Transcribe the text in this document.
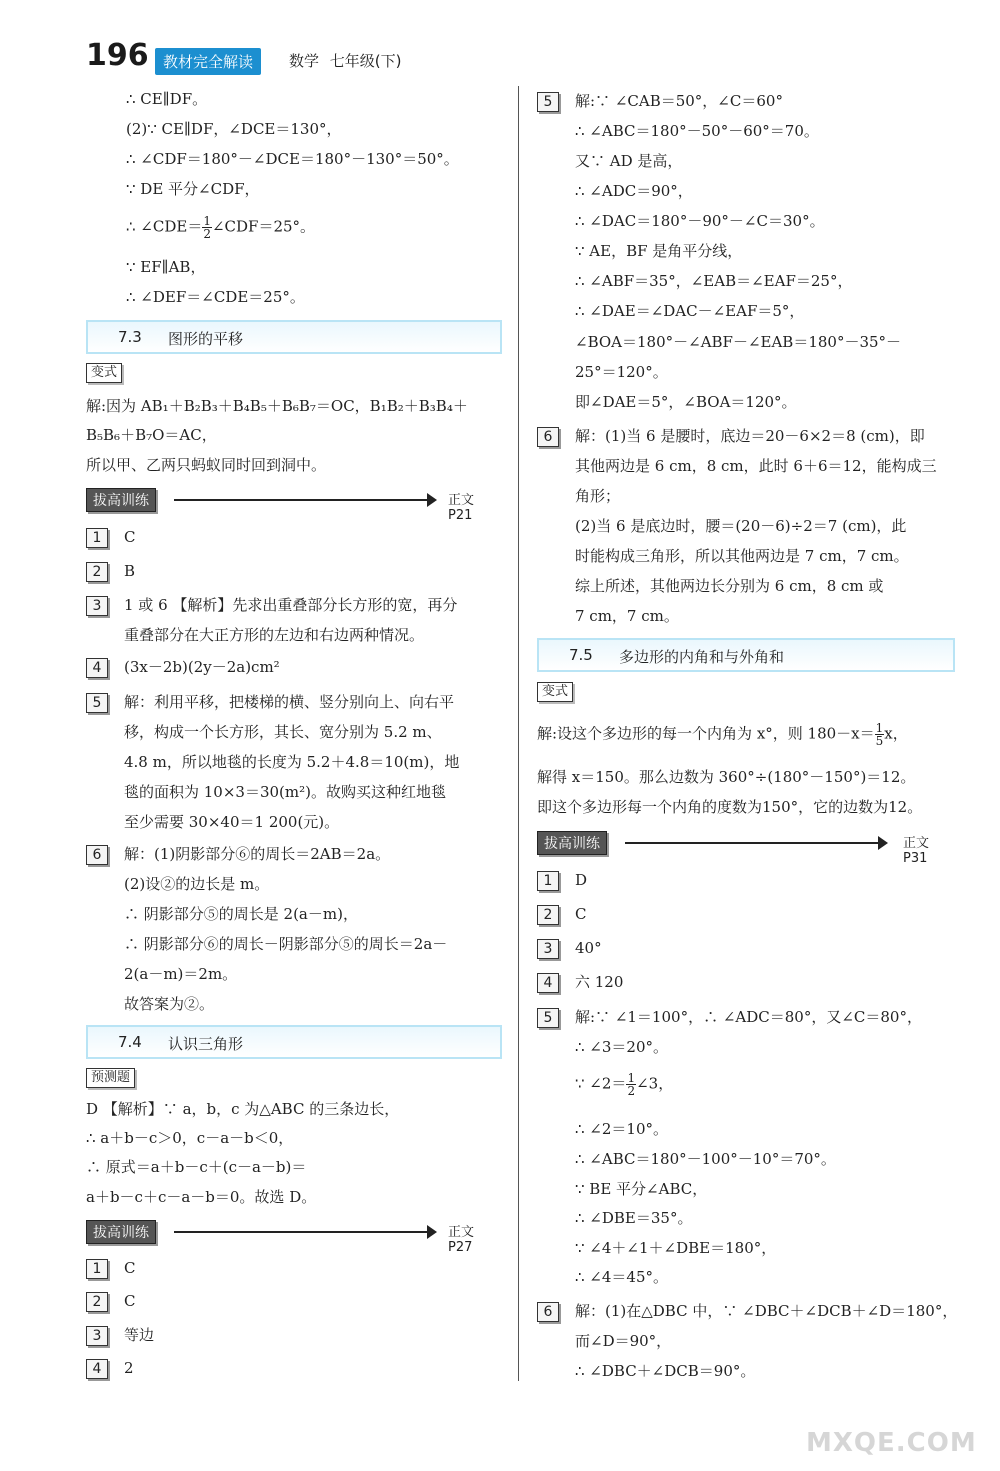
196 教材完全解读	数学 七年级(下)
∴ CE∥DF。
(2)∵ CE∥DF，∠DCE＝130°，
∴ ∠CDF＝180°－∠DCE＝180°－130°＝50°。
∵ DE 平分∠CDF，
∴ ∠CDE＝ $\frac{1}{2}$ ∠CDF＝25°。
∵ EF∥AB，
∴ ∠DEF＝∠CDE＝25°。
7.3 图形的平移
变式
解:因为 AB₁＋B₂B₃＋B₄B₅＋B₆B₇＝OC，B₁B₂＋B₃B₄＋
B₅B₆＋B₇O＝AC，
所以甲、乙两只蚂蚁同时回到洞中。
拔高训练	正文 P21
1	C
2	B
3	1 或 6 【解析】先求出重叠部分长方形的宽，再分
重叠部分在大正方形的左边和右边两种情况。
4	(3x－2b)(2y－2a)cm²
5	解：利用平移，把楼梯的横、竖分别向上、向右平
移，构成一个长方形，其长、宽分别为 5.2 m、
4.8 m，所以地毯的长度为 5.2＋4.8＝10(m)，地
毯的面积为 10×3＝30(m²)。故购买这种红地毯
至少需要 30×40＝1 200(元)。
6	解：(1)阴影部分⑥的周长＝2AB＝2a。
(2)设②的边长是 m。
∴ 阴影部分⑤的周长是 2(a－m)，
∴ 阴影部分⑥的周长－阴影部分⑤的周长＝2a－
2(a－m)＝2m。
故答案为②。
7.4 认识三角形
预测题
D 【解析】∵ a，b，c 为△ABC 的三条边长，
∴ a＋b－c＞0，c－a－b＜0，
∴ 原式＝a＋b－c＋(c－a－b)＝
a＋b－c＋c－a－b＝0。故选 D。
拔高训练	正文 P27
1	C
2	C
3	等边
4	2
5	解:∵ ∠CAB＝50°，∠C＝60°
∴ ∠ABC＝180°－50°－60°＝70。
又∵ AD 是高，
∴ ∠ADC＝90°，
∴ ∠DAC＝180°－90°－∠C＝30°。
∵ AE，BF 是角平分线，
∴ ∠ABF＝35°，∠EAB＝∠EAF＝25°，
∴ ∠DAE＝∠DAC－∠EAF＝5°，
∠BOA＝180°－∠ABF－∠EAB＝180°－35°－
25°＝120°。
即∠DAE＝5°，∠BOA＝120°。
6	解：(1)当 6 是腰时，底边＝20－6×2＝8 (cm)，即
其他两边是 6 cm，8 cm，此时 6＋6＝12，能构成三
角形；
(2)当 6 是底边时，腰＝(20－6)÷2＝7 (cm)，此
时能构成三角形，所以其他两边是 7 cm，7 cm。
综上所述，其他两边长分别为 6 cm，8 cm 或
7 cm，7 cm。
7.5 多边形的内角和与外角和
变式
解:设这个多边形的每一个内角为 x°，则 $180-x= \frac{1}{5}$ x，
解得 x＝150。那么边数为 360°÷(180°－150°)＝12。
即这个多边形每一个内角的度数为150°，它的边数为12。
拔高训练	正文 P31
1	D
2	C
3	40°
4	六 120
5	解:∵ ∠1＝100°，∴ ∠ADC＝80°，又∠C＝80°，
∴ ∠3＝20°。
∵ ∠2＝ $\frac{1}{2}$ ∠3，
∴ ∠2＝10°。
∴ ∠ABC＝180°－100°－10°＝70°。
∵ BE 平分∠ABC，
∴ ∠DBE＝35°。
∵ ∠4＋∠1＋∠DBE＝180°，
∴ ∠4＝45°。
6	解：(1)在△DBC 中，∵ ∠DBC＋∠DCB＋∠D＝180°，
而∠D＝90°，
∴ ∠DBC＋∠DCB＝90°。
MXQE.COM
